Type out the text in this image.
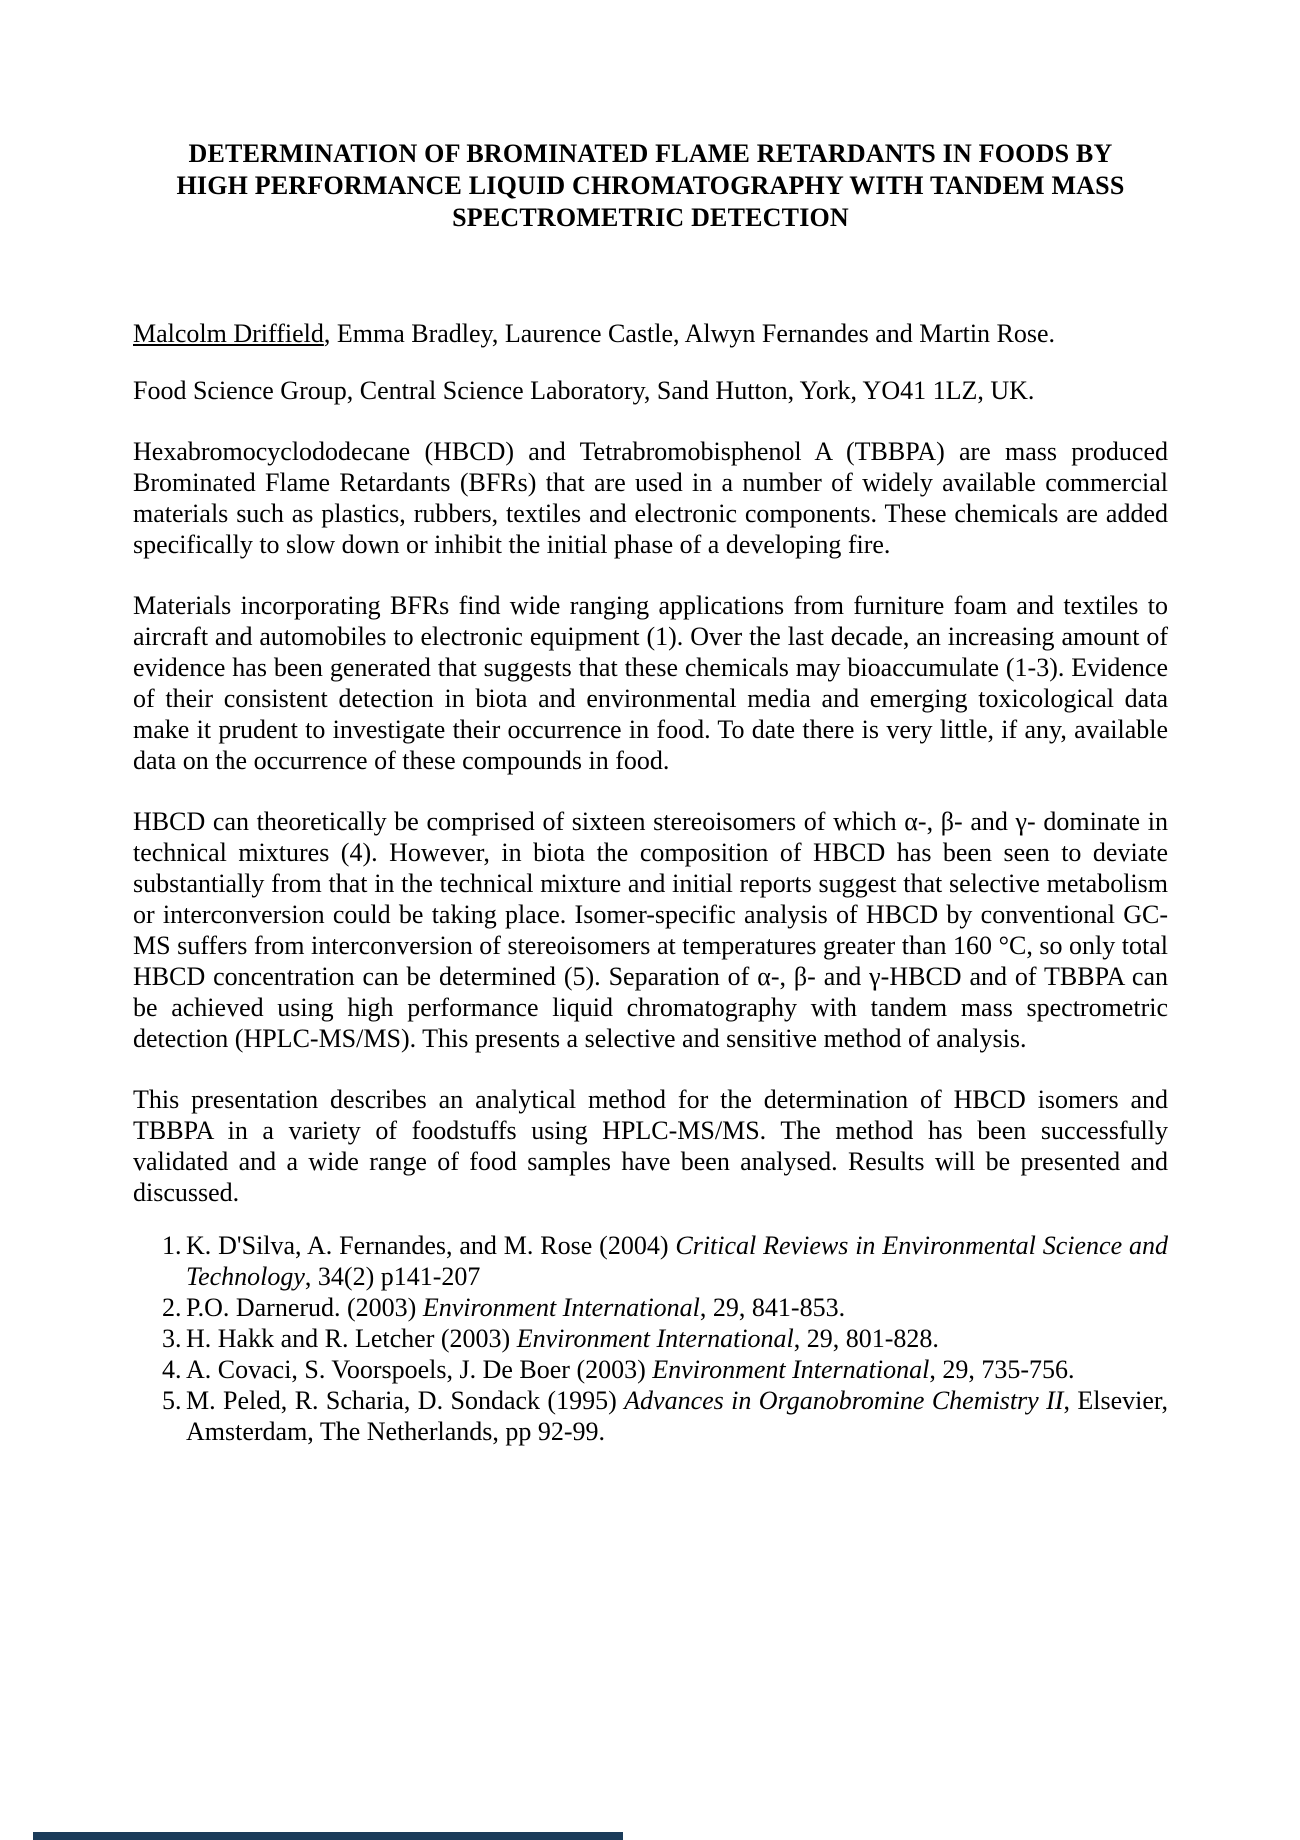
DETERMINATION OF BROMINATED FLAME RETARDANTS IN FOODS BY
HIGH PERFORMANCE LIQUID CHROMATOGRAPHY WITH TANDEM MASS
SPECTROMETRIC DETECTION
Malcolm Driffield, Emma Bradley, Laurence Castle, Alwyn Fernandes and Martin Rose.
Food Science Group, Central Science Laboratory, Sand Hutton, York, YO41 1LZ, UK.

Hexabromocyclododecane (HBCD) and Tetrabromobisphenol A (TBBPA) are mass produced Brominated Flame Retardants (BFRs) that are used in a number of widely available commercial materials such as plastics, rubbers, textiles and electronic components. These chemicals are added specifically to slow down or inhibit the initial phase of a developing fire.

Materials incorporating BFRs find wide ranging applications from furniture foam and textiles to aircraft and automobiles to electronic equipment (1). Over the last decade, an increasing amount of evidence has been generated that suggests that these chemicals may bioaccumulate (1-3). Evidence of their consistent detection in biota and environmental media and emerging toxicological data make it prudent to investigate their occurrence in food. To date there is very little, if any, available data on the occurrence of these compounds in food.

HBCD can theoretically be comprised of sixteen stereoisomers of which α-, β- and γ- dominate in technical mixtures (4). However, in biota the composition of HBCD has been seen to deviate substantially from that in the technical mixture and initial reports suggest that selective metabolism or interconversion could be taking place. Isomer-specific analysis of HBCD by conventional GC-MS suffers from interconversion of stereoisomers at temperatures greater than 160 °C, so only total HBCD concentration can be determined (5). Separation of α-, β- and γ-HBCD and of TBBPA can be achieved using high performance liquid chromatography with tandem mass spectrometric detection (HPLC-MS/MS). This presents a selective and sensitive method of analysis.

This presentation describes an analytical method for the determination of HBCD isomers and TBBPA in a variety of foodstuffs using HPLC-MS/MS. The method has been successfully validated and a wide range of food samples have been analysed. Results will be presented and discussed.

1. K. D'Silva, A. Fernandes, and M. Rose (2004) Critical Reviews in Environmental Science and Technology, 34(2) p141-207
2. P.O. Darnerud. (2003) Environment International, 29, 841-853.
3. H. Hakk and R. Letcher (2003) Environment International, 29, 801-828.
4. A. Covaci, S. Voorspoels, J. De Boer (2003) Environment International, 29, 735-756.
5. M. Peled, R. Scharia, D. Sondack (1995) Advances in Organobromine Chemistry II, Elsevier, Amsterdam, The Netherlands, pp 92-99.
